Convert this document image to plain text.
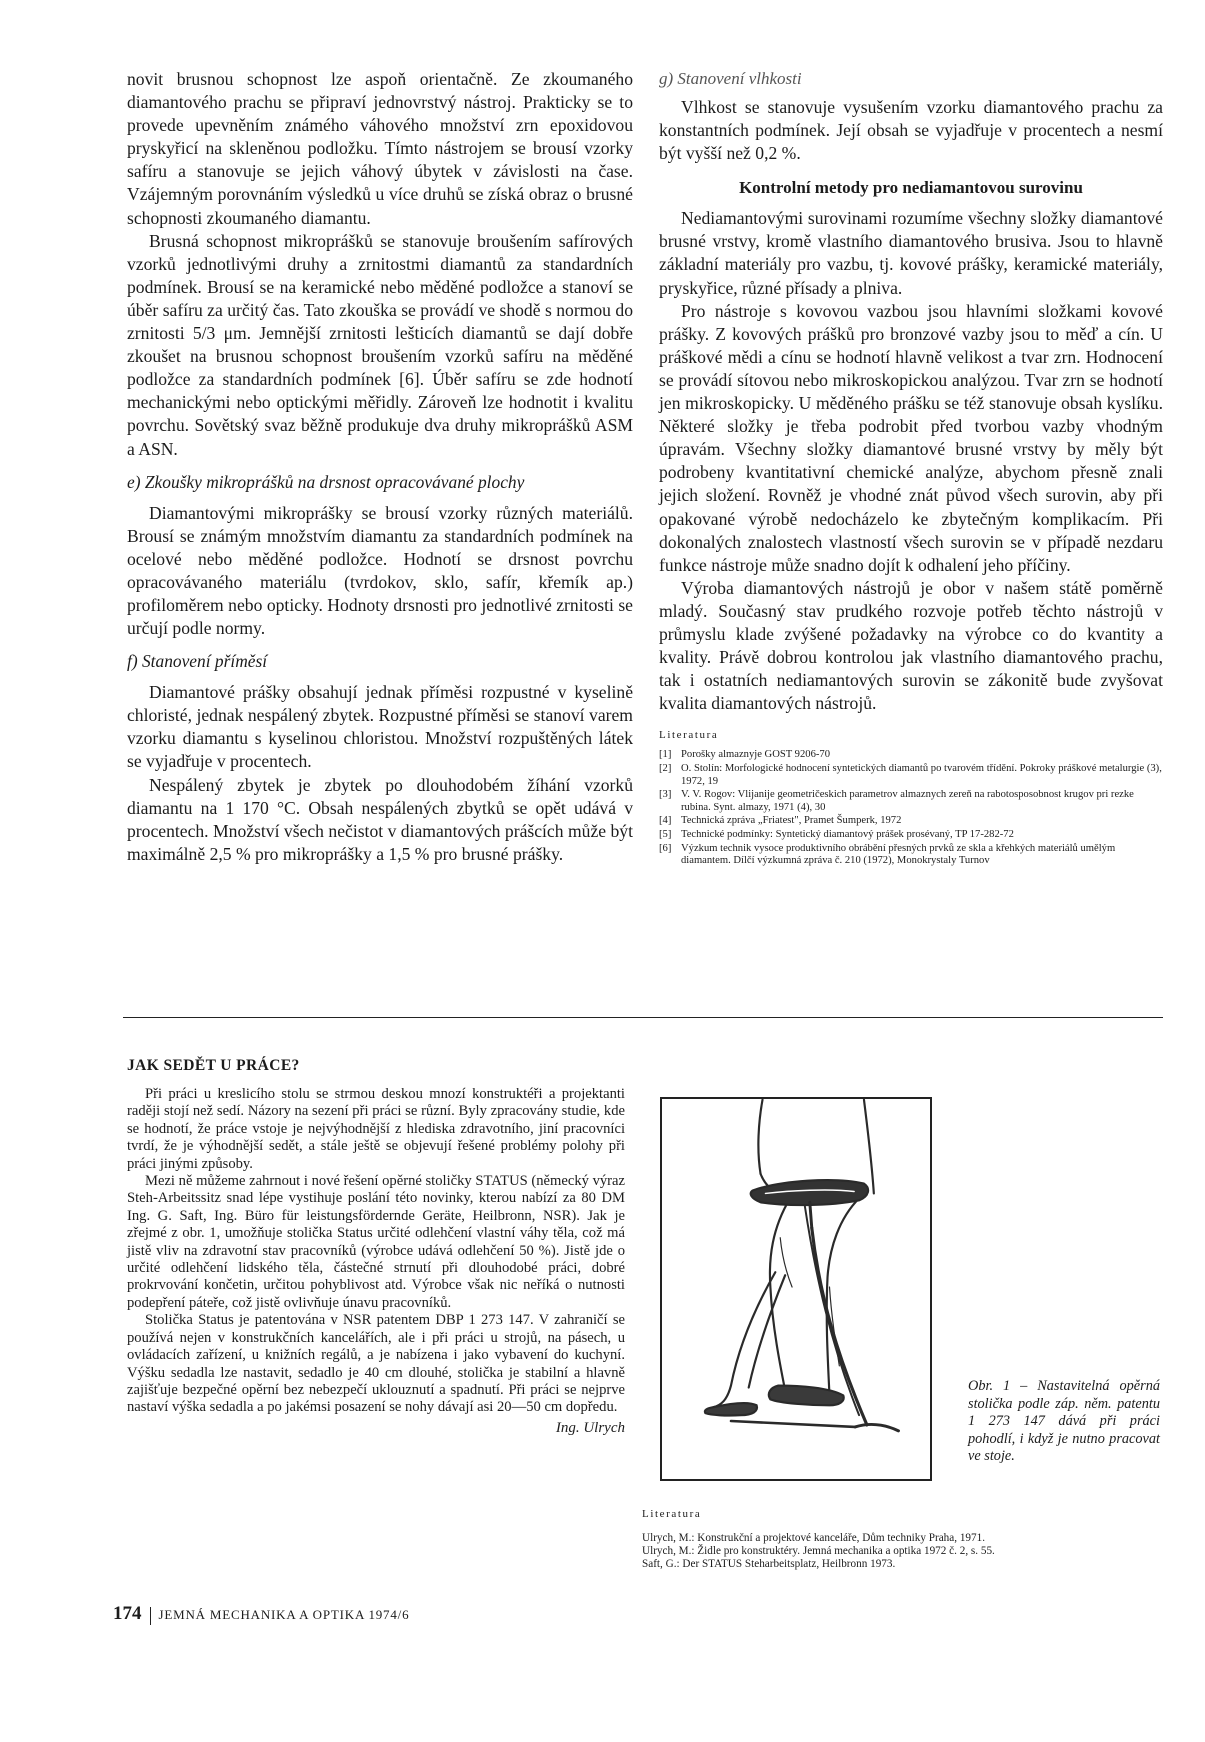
novit brusnou schopnost lze aspoň orientačně. Ze zkoumaného diamantového prachu se připraví jednovrstvý nástroj. Prakticky se to provede upevněním známého váhového množství zrn epoxidovou pryskyřicí na skleněnou podložku. Tímto nástrojem se brousí vzorky safíru a stanovuje se jejich váhový úbytek v závislosti na čase. Vzájemným porovnáním výsledků u více druhů se získá obraz o brusné schopnosti zkoumaného diamantu.

Brusná schopnost mikroprášků se stanovuje broušením safírových vzorků jednotlivými druhy a zrnitostmi diamantů za standardních podmínek. Brousí se na keramické nebo měděné podložce a stanoví se úběr safíru za určitý čas. Tato zkouška se provádí ve shodě s normou do zrnitosti 5/3 μm. Jemnější zrnitosti lešticích diamantů se dají dobře zkoušet na brusnou schopnost broušením vzorků safíru na měděné podložce za standardních podmínek [6]. Úběr safíru se zde hodnotí mechanickými nebo optickými měřidly. Zároveň lze hodnotit i kvalitu povrchu. Sovětský svaz běžně produkuje dva druhy mikroprášků ASM a ASN.

e) Zkoušky mikroprášků na drsnost opracovávané plochy

Diamantovými mikroprášky se brousí vzorky různých materiálů. Brousí se známým množstvím diamantu za standardních podmínek na ocelové nebo měděné podložce. Hodnotí se drsnost povrchu opracovávaného materiálu (tvrdokov, sklo, safír, křemík ap.) profiloměrem nebo opticky. Hodnoty drsnosti pro jednotlivé zrnitosti se určují podle normy.

f) Stanovení příměsí

Diamantové prášky obsahují jednak příměsi rozpustné v kyselině chloristé, jednak nespálený zbytek. Rozpustné příměsi se stanoví varem vzorku diamantu s kyselinou chloristou. Množství rozpuštěných látek se vyjadřuje v procentech.

Nespálený zbytek je zbytek po dlouhodobém žíhání vzorků diamantu na 1 170 °C. Obsah nespálených zbytků se opět udává v procentech. Množství všech nečistot v diamantových prášcích může být maximálně 2,5 % pro mikroprášky a 1,5 % pro brusné prášky.

g) Stanovení vlhkosti

Vlhkost se stanovuje vysušením vzorku diamantového prachu za konstantních podmínek. Její obsah se vyjadřuje v procentech a nesmí být vyšší než 0,2 %.

Kontrolní metody pro nediamantovou surovinu

Nediamantovými surovinami rozumíme všechny složky diamantové brusné vrstvy, kromě vlastního diamantového brusiva. Jsou to hlavně základní materiály pro vazbu, tj. kovové prášky, keramické materiály, pryskyřice, různé přísady a plniva.

Pro nástroje s kovovou vazbou jsou hlavními složkami kovové prášky. Z kovových prášků pro bronzové vazby jsou to měď a cín. U práškové mědi a cínu se hodnotí hlavně velikost a tvar zrn. Hodnocení se provádí sítovou nebo mikroskopickou analýzou. Tvar zrn se hodnotí jen mikroskopicky. U měděného prášku se též stanovuje obsah kyslíku. Některé složky je třeba podrobit před tvorbou vazby vhodným úpravám. Všechny složky diamantové brusné vrstvy by měly být podrobeny kvantitativní chemické analýze, abychom přesně znali jejich složení. Rovněž je vhodné znát původ všech surovin, aby při opakované výrobě nedocházelo ke zbytečným komplikacím. Při dokonalých znalostech vlastností všech surovin se v případě nezdaru funkce nástroje může snadno dojít k odhalení jeho příčiny.

Výroba diamantových nástrojů je obor v našem státě poměrně mladý. Současný stav prudkého rozvoje potřeb těchto nástrojů v průmyslu klade zvýšené požadavky na výrobce co do kvantity a kvality. Právě dobrou kontrolou jak vlastního diamantového prachu, tak i ostatních nediamantových surovin se zákonitě bude zvyšovat kvalita diamantových nástrojů.

Literatura
[1] Porošky almaznyje GOST 9206-70
[2] O. Stolín: Morfologické hodnocení syntetických diamantů po tvarovém třídění. Pokroky práškové metalurgie (3), 1972, 19
[3] V. V. Rogov: Vlijanije geometričeskich parametrov almaznych zereň na rabotosposobnost krugov pri rezke rubina. Synt. almazy, 1971 (4), 30
[4] Technická zpráva „Friatest", Pramet Šumperk, 1972
[5] Technické podmínky: Syntetický diamantový prášek prosévaný, TP 17-282-72
[6] Výzkum technik vysoce produktivního obrábění přesných prvků ze skla a křehkých materiálů umělým diamantem. Dílčí výzkumná zpráva č. 210 (1972), Monokrystaly Turnov
JAK SEDĚT U PRÁCE?

Při práci u kreslicího stolu se strmou deskou mnozí konstruktéři a projektanti raději stojí než sedí. Názory na sezení při práci se různí. Byly zpracovány studie, kde se hodnotí, že práce vstoje je nejvýhodnější z hlediska zdravotního, jiní pracovníci tvrdí, že je výhodnější sedět, a stále ještě se objevují řešené problémy polohy při práci jinými způsoby.

Mezi ně můžeme zahrnout i nové řešení opěrné stoličky STATUS (německý výraz Steh-Arbeitssitz snad lépe vystihuje poslání této novinky, kterou nabízí za 80 DM Ing. G. Saft, Ing. Büro für leistungsfördernde Geräte, Heilbronn, NSR). Jak je zřejmé z obr. 1, umožňuje stolička Status určité odlehčení vlastní váhy těla, což má jistě vliv na zdravotní stav pracovníků (výrobce udává odlehčení 50 %). Jistě jde o určité odlehčení lidského těla, částečné strnutí při dlouhodobé práci, dobré prokrvování končetin, určitou pohyblivost atd. Výrobce však nic neříká o nutnosti podepření páteře, což jistě ovlivňuje únavu pracovníků.

Stolička Status je patentována v NSR patentem DBP 1 273 147. V zahraničí se používá nejen v konstrukčních kancelářích, ale i při práci u strojů, na pásech, u ovládacích zařízení, u knižních regálů, a je nabízena i jako vybavení do kuchyní. Výšku sedadla lze nastavit, sedadlo je 40 cm dlouhé, stolička je stabilní a hlavně zajišťuje bezpečné opěrní bez nebezpečí uklouznutí a spadnutí. Při práci se nejprve nastaví výška sedadla a po jakémsi posazení se nohy dávají asi 20—50 cm dopředu.

Ing. Ulrych

Obr. 1 – Nastavitelná opěrná stolička podle záp. něm. patentu 1 273 147 dává při práci pohodlí, i když je nutno pracovat ve stoje.

Literatura
Ulrych, M.: Konstrukční a projektové kanceláře, Dům techniky Praha, 1971.
Ulrych, M.: Židle pro konstruktéry. Jemná mechanika a optika 1972 č. 2, s. 55.
Saft, G.: Der STATUS Steharbeitsplatz, Heilbronn 1973.
174 JEMNÁ MECHANIKA A OPTIKA 1974/6
